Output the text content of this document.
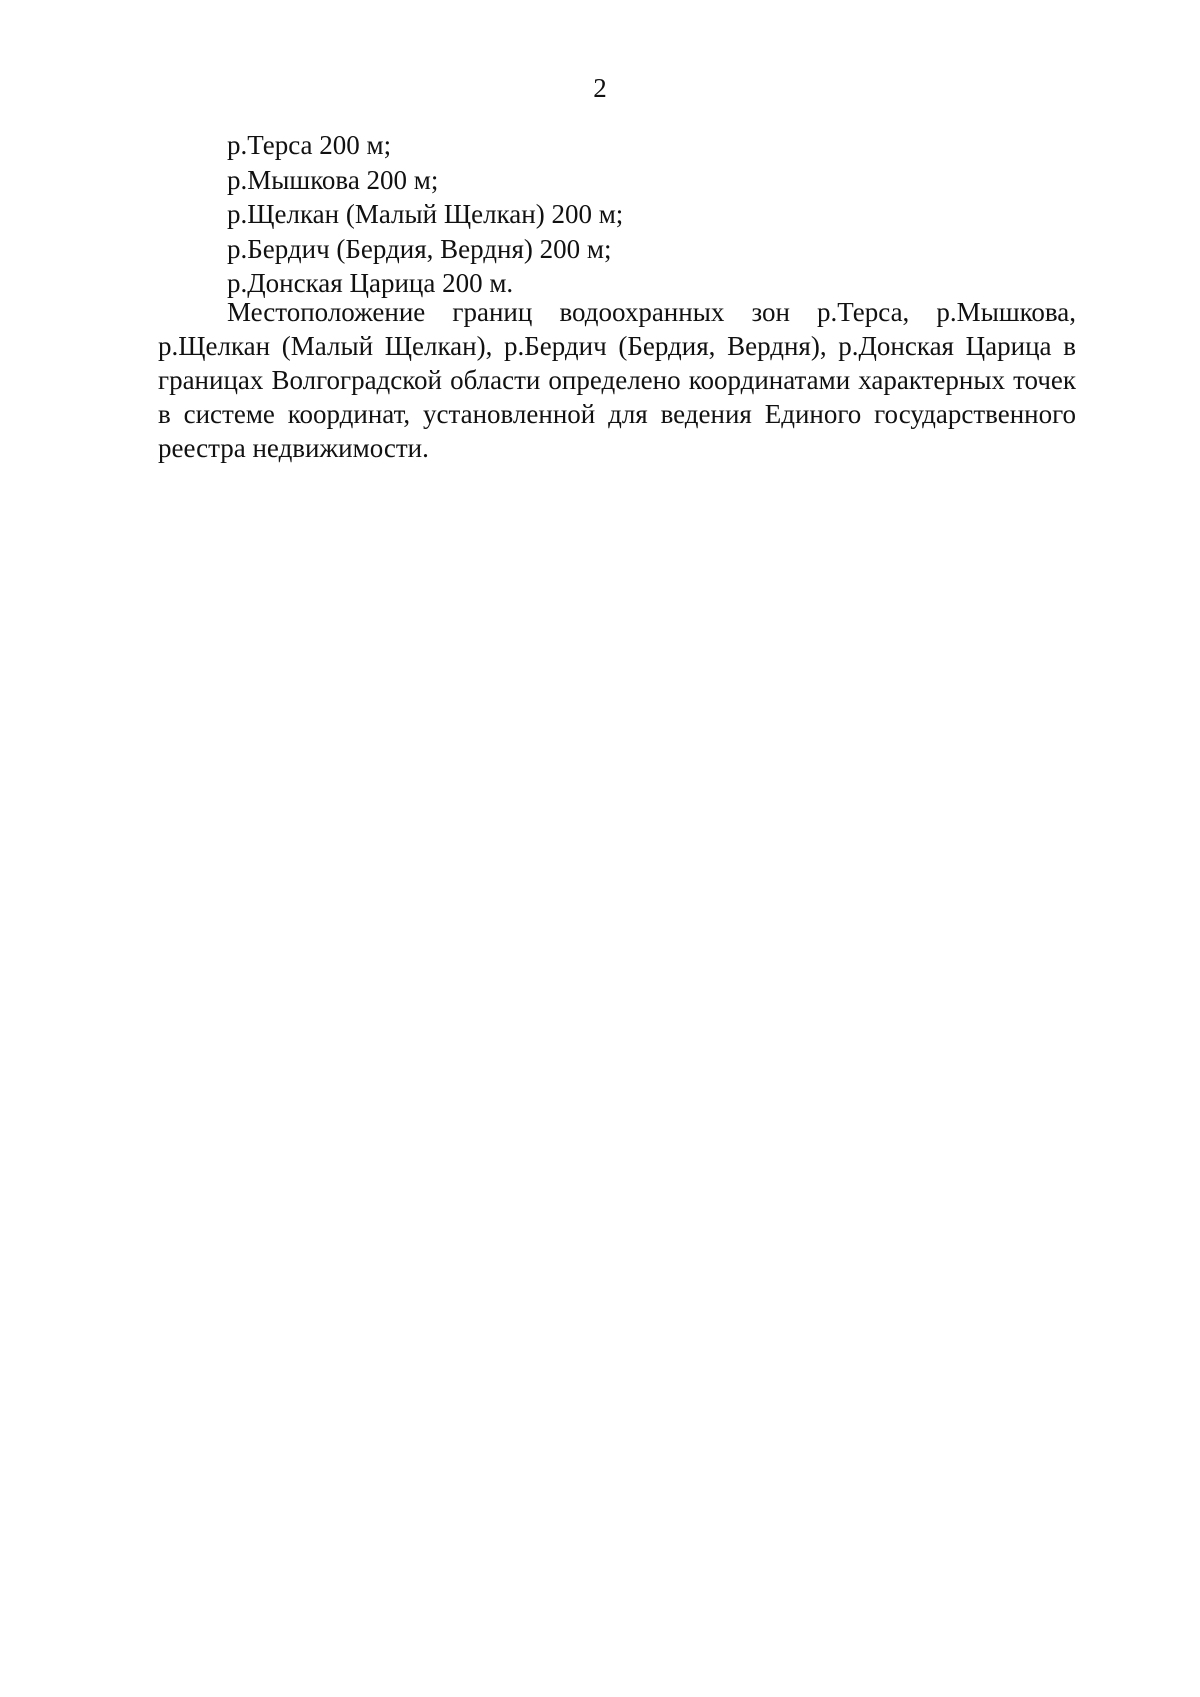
2
р.Терса 200 м;
р.Мышкова 200 м;
р.Щелкан (Малый Щелкан) 200 м;
р.Бердич (Бердия, Вердня) 200 м;
р.Донская Царица 200 м.

Местоположение границ водоохранных зон р.Терса, р.Мышкова, р.Щелкан (Малый Щелкан), р.Бердич (Бердия, Вердня), р.Донская Царица в границах Волгоградской области определено координатами характерных точек в системе координат, установленной для ведения Единого государственного реестра недвижимости.
